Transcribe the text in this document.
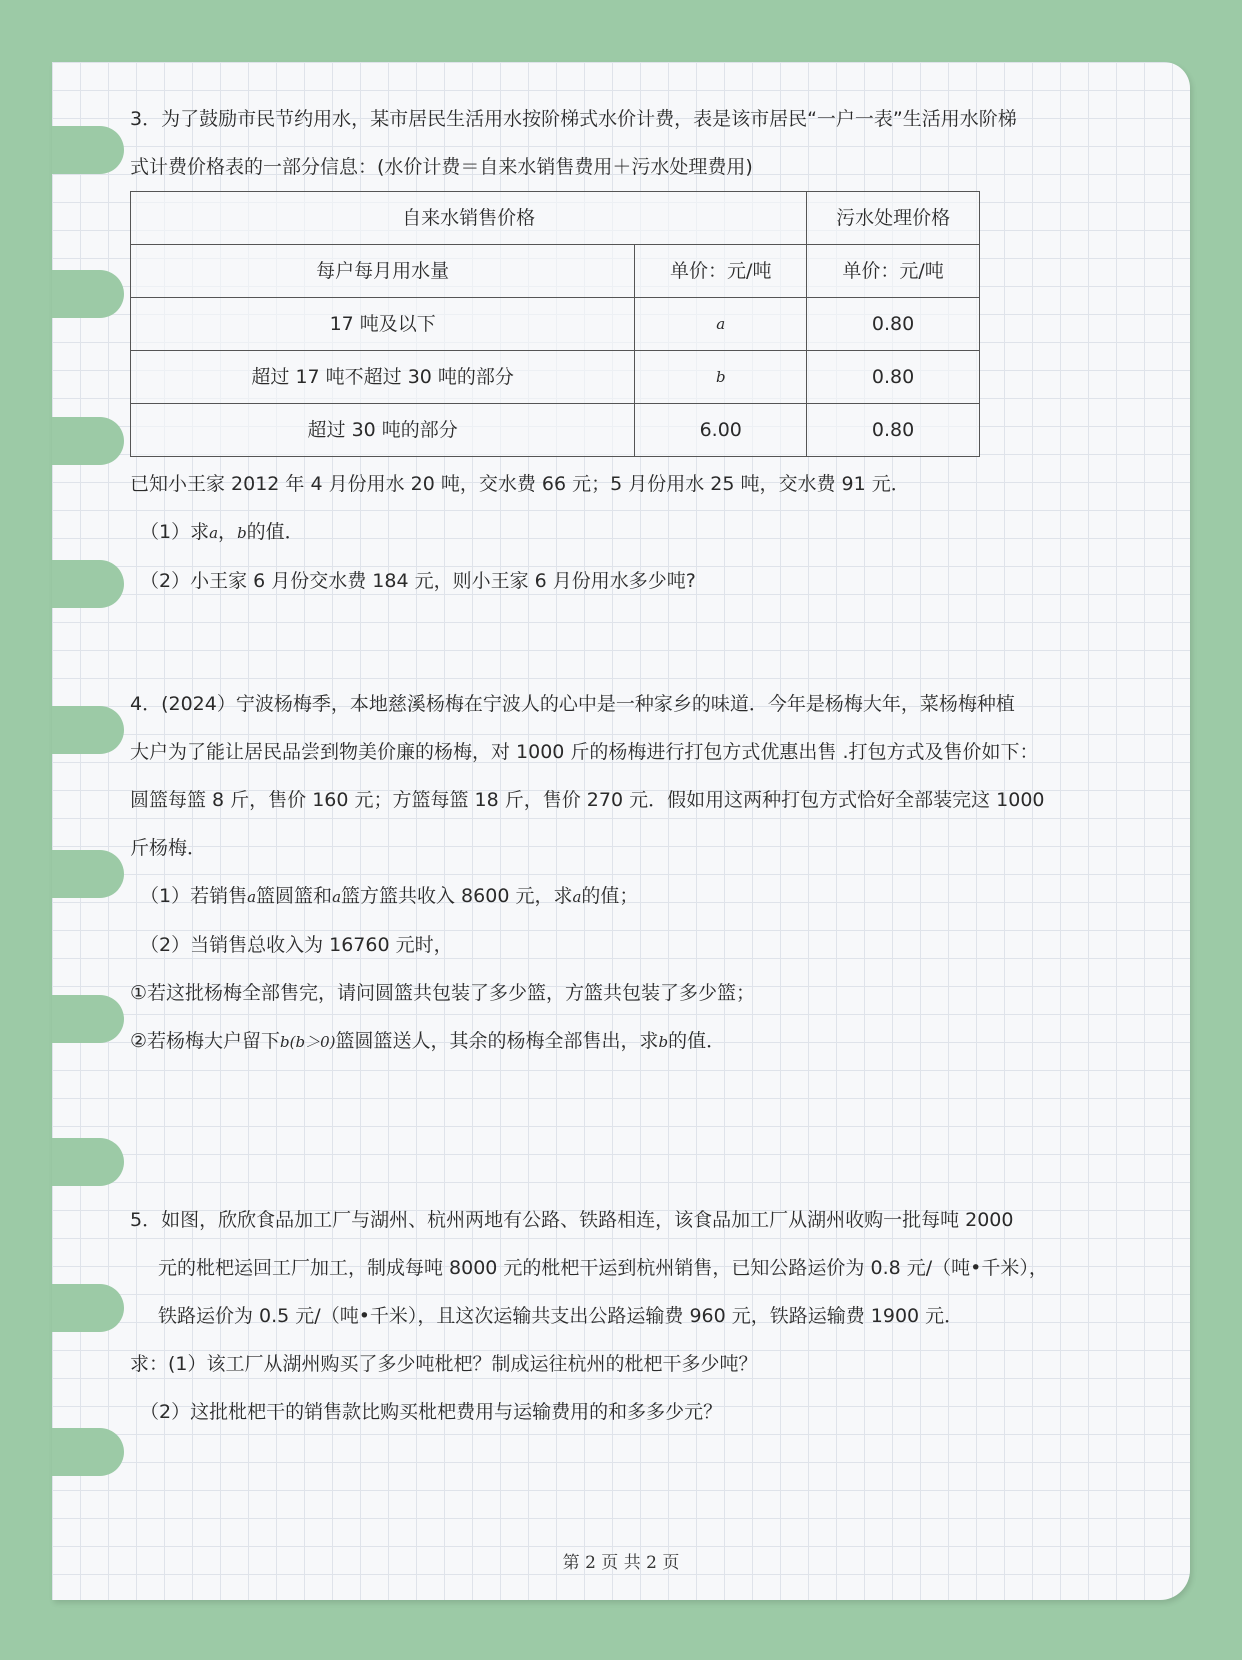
3．为了鼓励市民节约用水，某市居民生活用水按阶梯式水价计费，表是该市居民“一户一表”生活用水阶梯

式计费价格表的一部分信息：(水价计费＝自来水销售费用＋污水处理费用)

自来水销售价格		污水处理价格
每户每月用水量	单价：元/吨	单价：元/吨
17 吨及以下	a	0.80
超过 17 吨不超过 30 吨的部分	b	0.80
超过 30 吨的部分	6.00	0.80

已知小王家 2012 年 4 月份用水 20 吨，交水费 66 元；5 月份用水 25 吨，交水费 91 元．

（1）求a，b的值．

（2）小王家 6 月份交水费 184 元，则小王家 6 月份用水多少吨?

4．(2024）宁波杨梅季，本地慈溪杨梅在宁波人的心中是一种家乡的味道．今年是杨梅大年，菜杨梅种植

大户为了能让居民品尝到物美价廉的杨梅，对 1000 斤的杨梅进行打包方式优惠出售 .打包方式及售价如下：

圆篮每篮 8 斤，售价 160 元；方篮每篮 18 斤，售价 270 元．假如用这两种打包方式恰好全部装完这 1000

斤杨梅．

（1）若销售a篮圆篮和a篮方篮共收入 8600 元，求a的值；

（2）当销售总收入为 16760 元时，

①若这批杨梅全部售完，请问圆篮共包装了多少篮，方篮共包装了多少篮；

②若杨梅大户留下b(b＞0)篮圆篮送人，其余的杨梅全部售出，求b的值．

5．如图，欣欣食品加工厂与湖州、杭州两地有公路、铁路相连，该食品加工厂从湖州收购一批每吨 2000

元的枇杷运回工厂加工，制成每吨 8000 元的枇杷干运到杭州销售，已知公路运价为 0.8 元/（吨•千米），

铁路运价为 0.5 元/（吨•千米），且这次运输共支出公路运输费 960 元，铁路运输费 1900 元．

求：(1）该工厂从湖州购买了多少吨枇杷？制成运往杭州的枇杷干多少吨？

（2）这批枇杷干的销售款比购买枇杷费用与运输费用的和多多少元？

第 2 页 共 2 页
